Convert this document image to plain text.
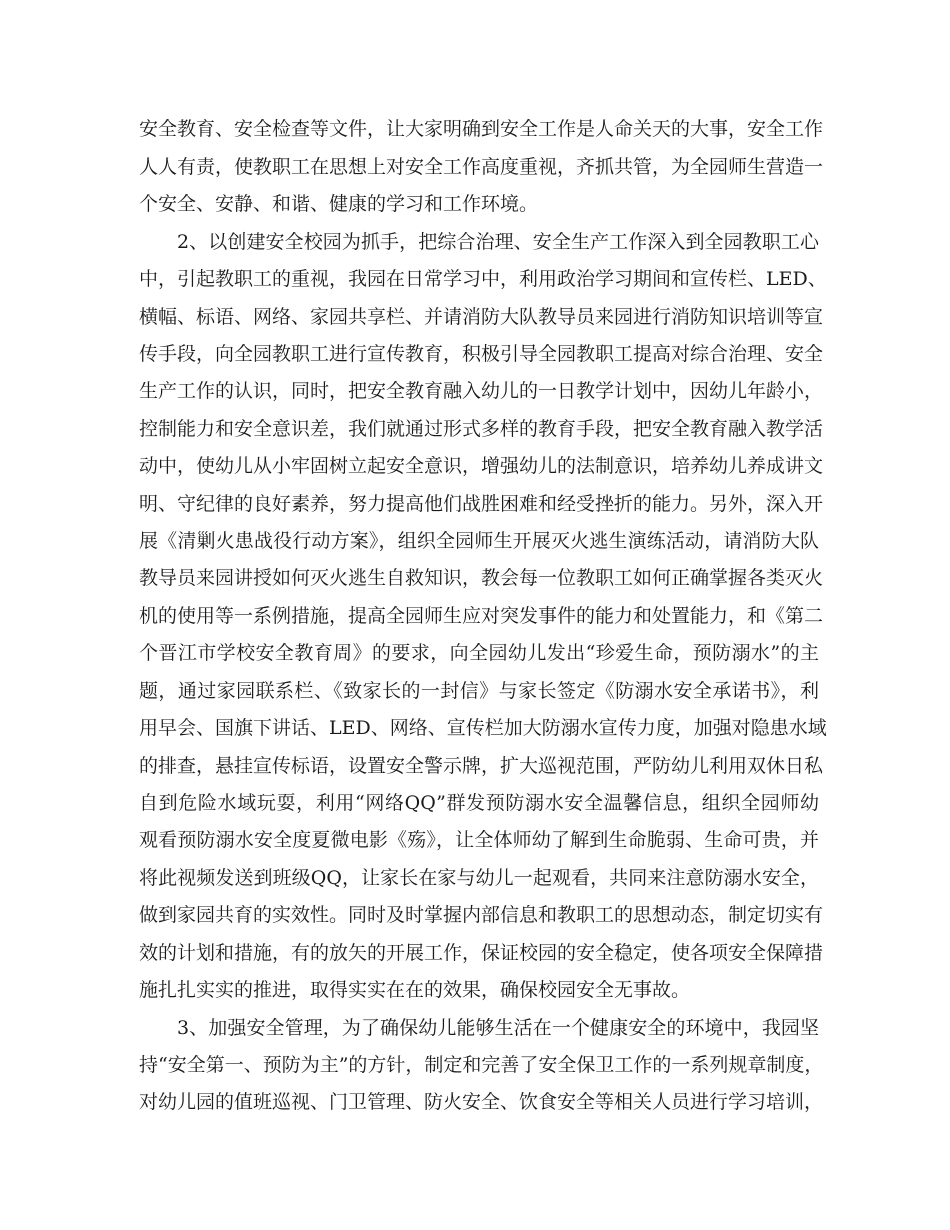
安全教育、安全检查等文件，让大家明确到安全工作是人命关天的大事，安全工作
人人有责，使教职工在思想上对安全工作高度重视，齐抓共管，为全园师生营造一
个安全、安静、和谐、健康的学习和工作环境。
2、以创建安全校园为抓手，把综合治理、安全生产工作深入到全园教职工心
中，引起教职工的重视，我园在日常学习中，利用政治学习期间和宣传栏、LED、
横幅、标语、网络、家园共享栏、并请消防大队教导员来园进行消防知识培训等宣
传手段，向全园教职工进行宣传教育，积极引导全园教职工提高对综合治理、安全
生产工作的认识，同时，把安全教育融入幼儿的一日教学计划中，因幼儿年龄小，
控制能力和安全意识差，我们就通过形式多样的教育手段，把安全教育融入教学活
动中，使幼儿从小牢固树立起安全意识，增强幼儿的法制意识，培养幼儿养成讲文
明、守纪律的良好素养，努力提高他们战胜困难和经受挫折的能力。另外，深入开
展《清剿火患战役行动方案》，组织全园师生开展灭火逃生演练活动，请消防大队
教导员来园讲授如何灭火逃生自救知识，教会每一位教职工如何正确掌握各类灭火
机的使用等一系例措施，提高全园师生应对突发事件的能力和处置能力，和《第二
个晋江市学校安全教育周》的要求，向全园幼儿发出“珍爱生命，预防溺水”的主
题，通过家园联系栏、《致家长的一封信》与家长签定《防溺水安全承诺书》，利
用早会、国旗下讲话、LED、网络、宣传栏加大防溺水宣传力度，加强对隐患水域
的排查，悬挂宣传标语，设置安全警示牌，扩大巡视范围，严防幼儿利用双休日私
自到危险水域玩耍，利用“网络QQ”群发预防溺水安全温馨信息，组织全园师幼
观看预防溺水安全度夏微电影《殇》，让全体师幼了解到生命脆弱、生命可贵，并
将此视频发送到班级QQ，让家长在家与幼儿一起观看，共同来注意防溺水安全，
做到家园共育的实效性。同时及时掌握内部信息和教职工的思想动态，制定切实有
效的计划和措施，有的放矢的开展工作，保证校园的安全稳定，使各项安全保障措
施扎扎实实的推进，取得实实在在的效果，确保校园安全无事故。
3、加强安全管理，为了确保幼儿能够生活在一个健康安全的环境中，我园坚
持“安全第一、预防为主”的方针，制定和完善了安全保卫工作的一系列规章制度，
对幼儿园的值班巡视、门卫管理、防火安全、饮食安全等相关人员进行学习培训，
